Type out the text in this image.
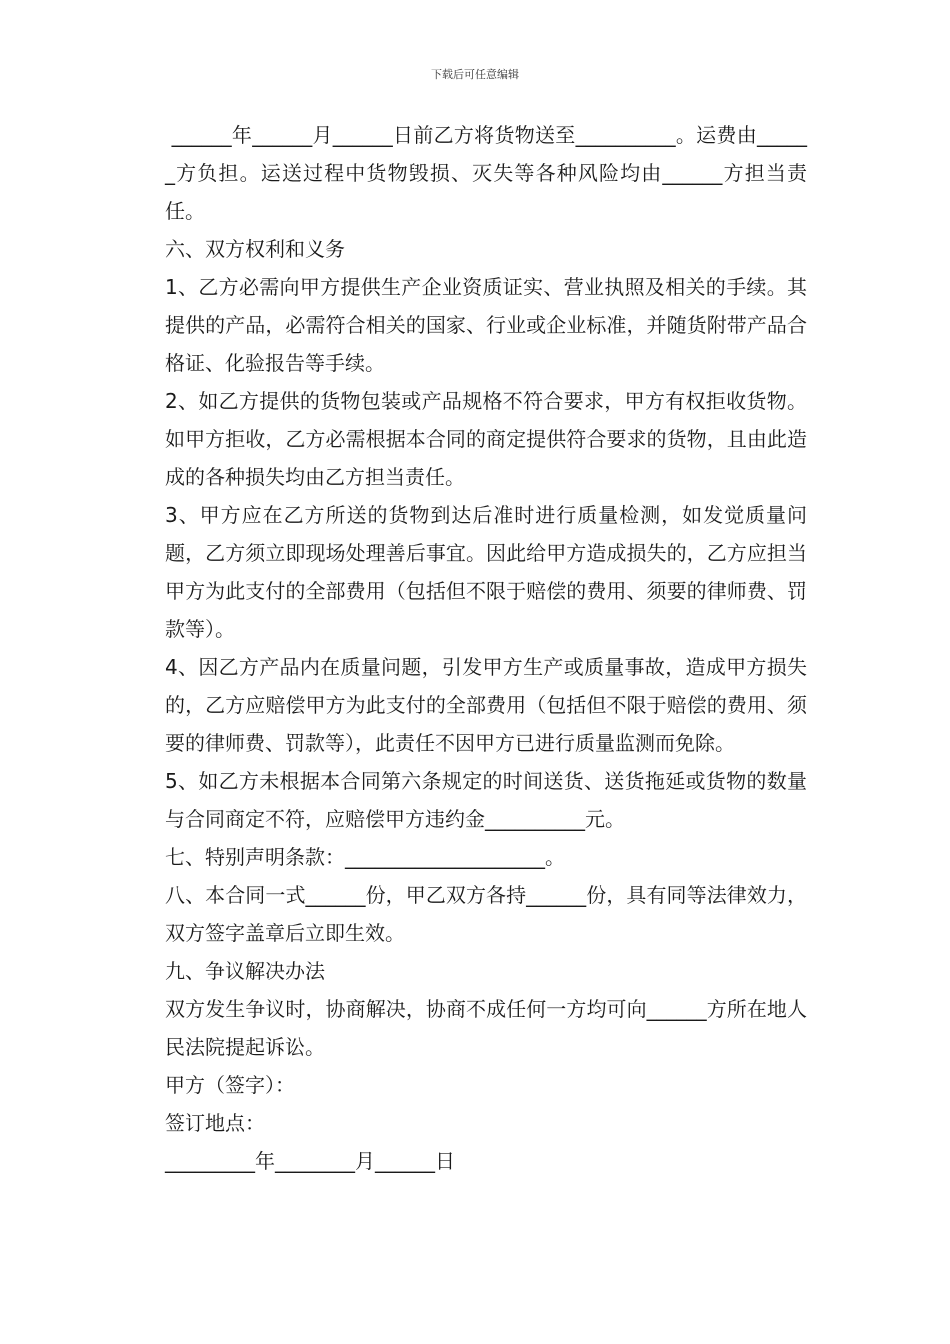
下载后可任意编辑

______年______月______日前乙方将货物送至__________。运费由______方负担。运送过程中货物毁损、灭失等各种风险均由______方担当责任。

六、双方权利和义务

1、乙方必需向甲方提供生产企业资质证实、营业执照及相关的手续。其提供的产品，必需符合相关的国家、行业或企业标准，并随货附带产品合格证、化验报告等手续。

2、如乙方提供的货物包装或产品规格不符合要求，甲方有权拒收货物。如甲方拒收，乙方必需根据本合同的商定提供符合要求的货物，且由此造成的各种损失均由乙方担当责任。

3、甲方应在乙方所送的货物到达后准时进行质量检测，如发觉质量问题，乙方须立即现场处理善后事宜。因此给甲方造成损失的，乙方应担当甲方为此支付的全部费用（包括但不限于赔偿的费用、须要的律师费、罚款等）。

4、因乙方产品内在质量问题，引发甲方生产或质量事故，造成甲方损失的，乙方应赔偿甲方为此支付的全部费用（包括但不限于赔偿的费用、须要的律师费、罚款等），此责任不因甲方已进行质量监测而免除。

5、如乙方未根据本合同第六条规定的时间送货、送货拖延或货物的数量与合同商定不符，应赔偿甲方违约金__________元。

七、特别声明条款：____________________。

八、本合同一式______份，甲乙双方各持______份，具有同等法律效力，双方签字盖章后立即生效。

九、争议解决办法

双方发生争议时，协商解决，协商不成任何一方均可向______方所在地人民法院提起诉讼。

甲方（签字）：

签订地点：

_________年________月______日
